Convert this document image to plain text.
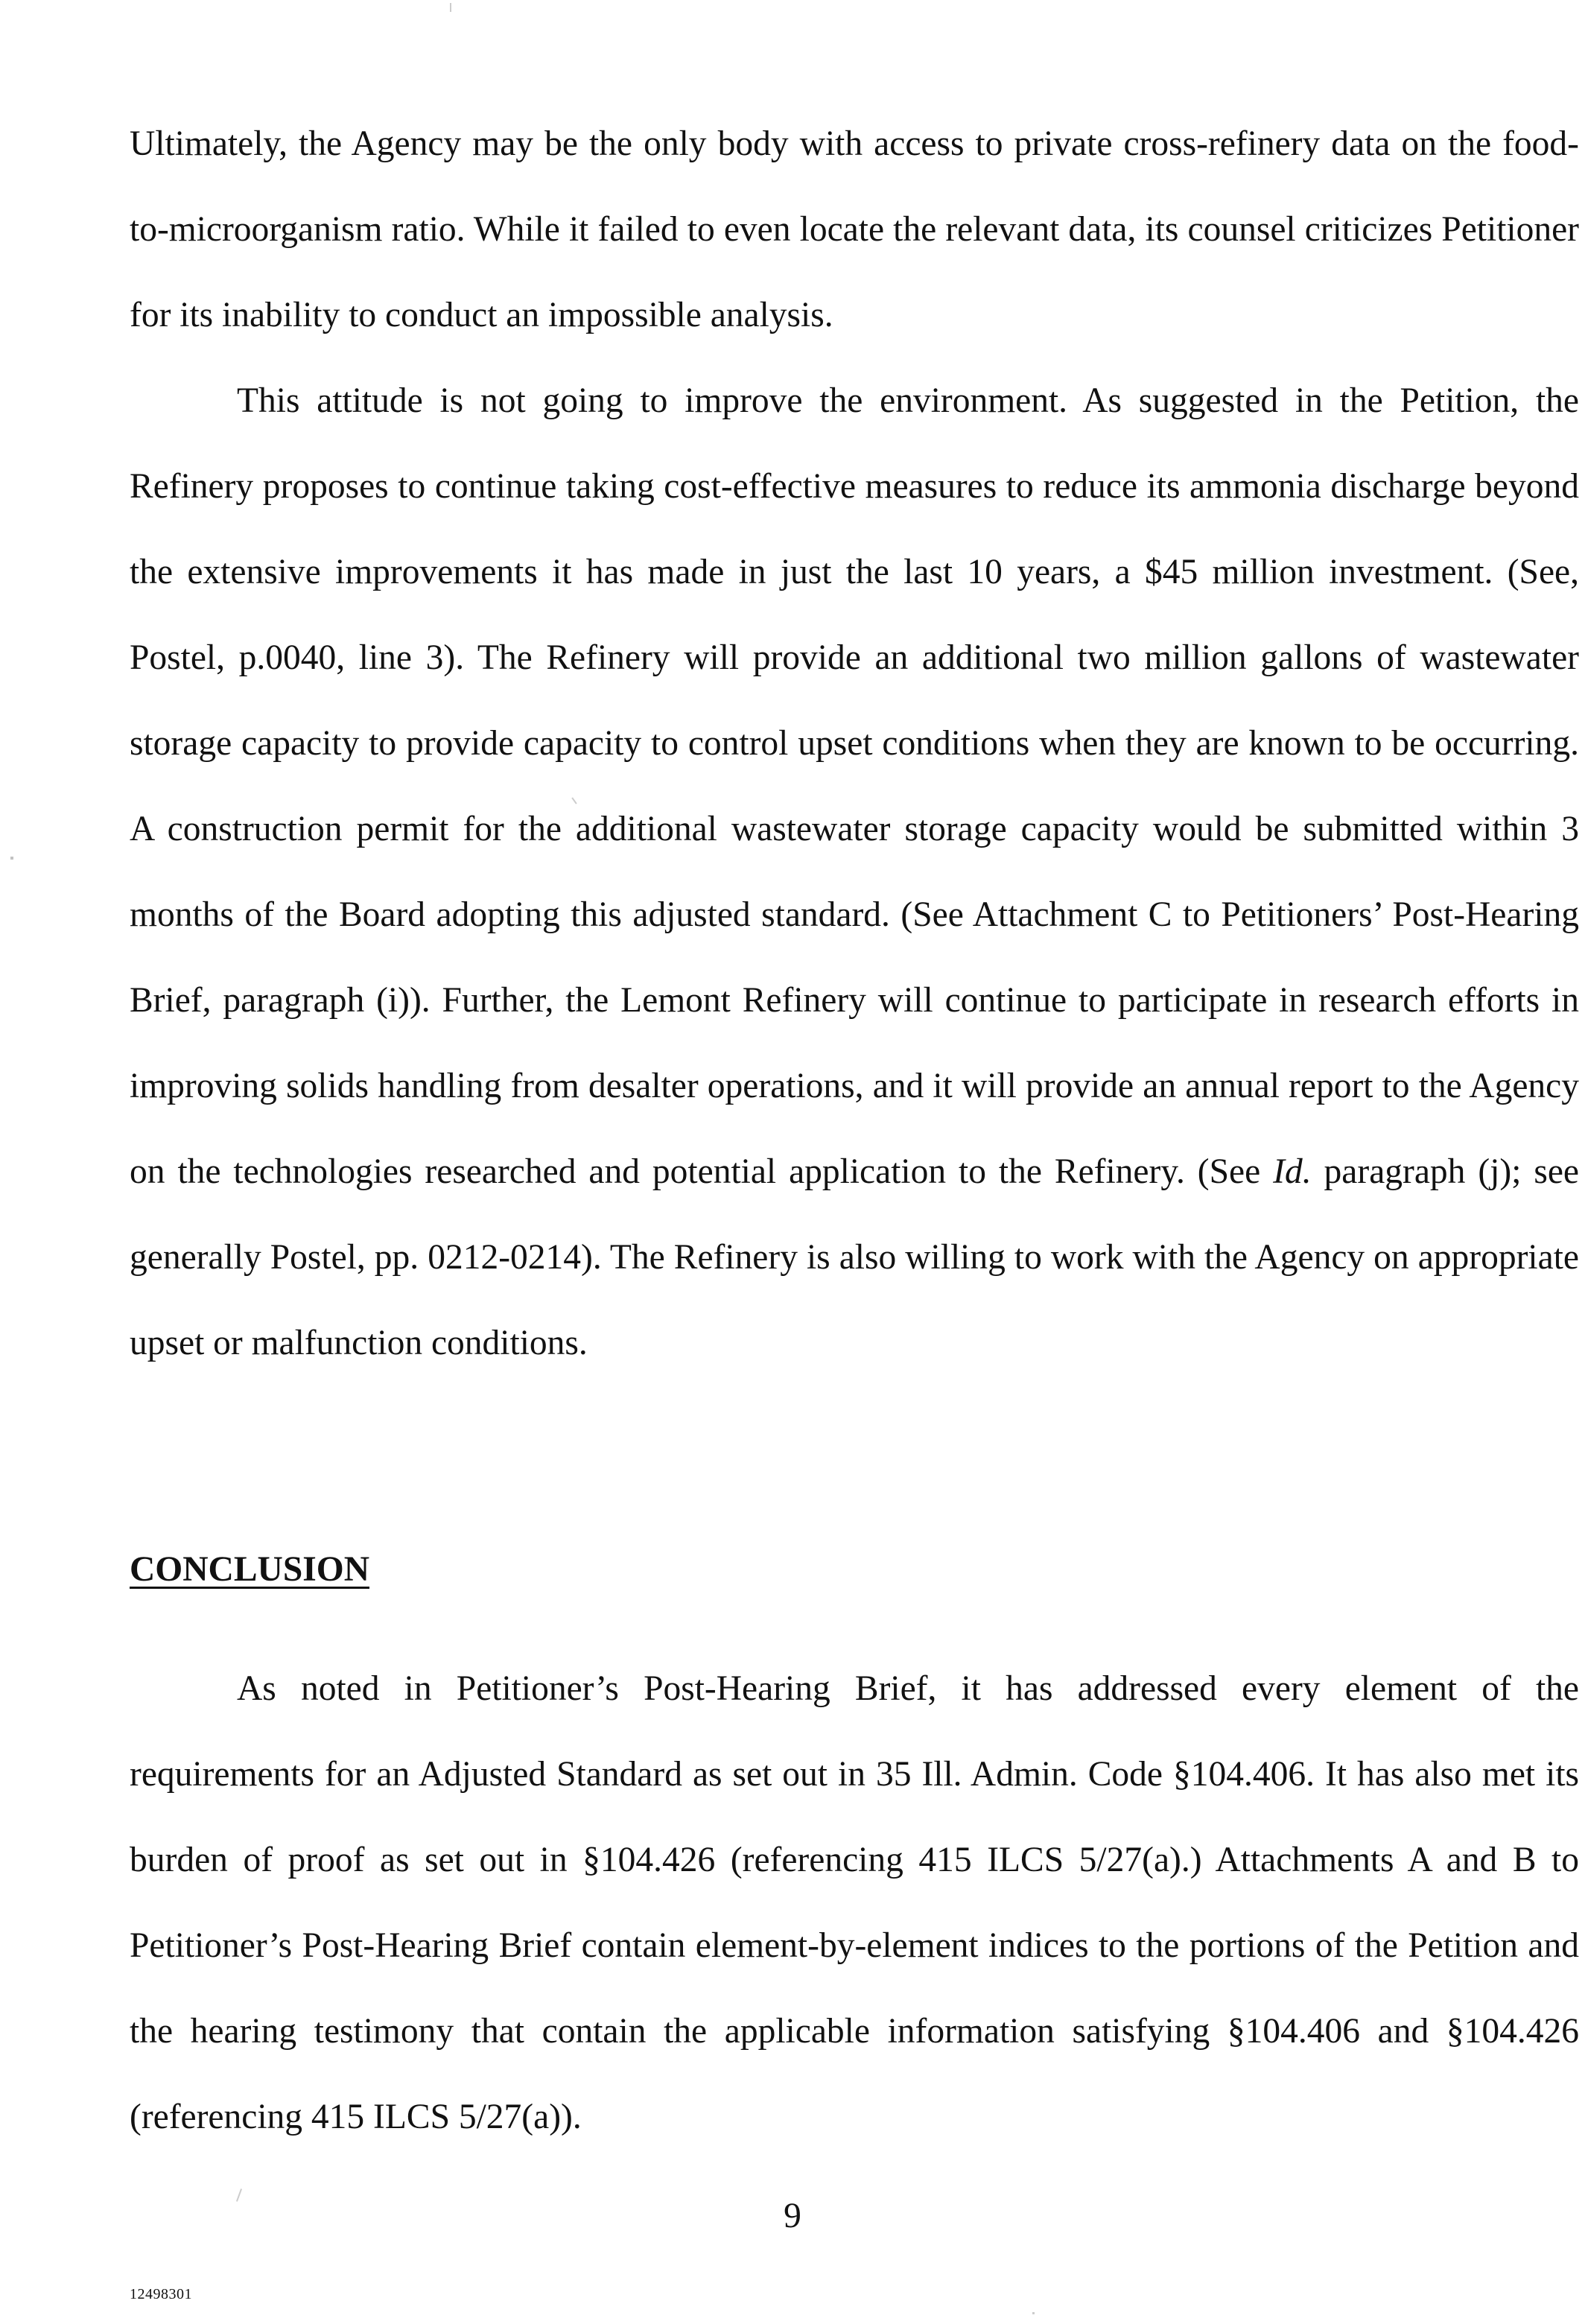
Ultimately, the Agency may be the only body with access to private cross-refinery data on the food-to-microorganism ratio. While it failed to even locate the relevant data, its counsel criticizes Petitioner for its inability to conduct an impossible analysis.

This attitude is not going to improve the environment. As suggested in the Petition, the Refinery proposes to continue taking cost-effective measures to reduce its ammonia discharge beyond the extensive improvements it has made in just the last 10 years, a $45 million investment. (See, Postel, p.0040, line 3). The Refinery will provide an additional two million gallons of wastewater storage capacity to provide capacity to control upset conditions when they are known to be occurring. A construction permit for the additional wastewater storage capacity would be submitted within 3 months of the Board adopting this adjusted standard. (See Attachment C to Petitioners’ Post-Hearing Brief, paragraph (i)). Further, the Lemont Refinery will continue to participate in research efforts in improving solids handling from desalter operations, and it will provide an annual report to the Agency on the technologies researched and potential application to the Refinery. (See Id. paragraph (j); see generally Postel, pp. 0212-0214). The Refinery is also willing to work with the Agency on appropriate upset or malfunction conditions.

CONCLUSION

As noted in Petitioner’s Post-Hearing Brief, it has addressed every element of the requirements for an Adjusted Standard as set out in 35 Ill. Admin. Code §104.406. It has also met its burden of proof as set out in §104.426 (referencing 415 ILCS 5/27(a).) Attachments A and B to Petitioner’s Post-Hearing Brief contain element-by-element indices to the portions of the Petition and the hearing testimony that contain the applicable information satisfying §104.406 and §104.426 (referencing 415 ILCS 5/27(a)).

9
12498301
